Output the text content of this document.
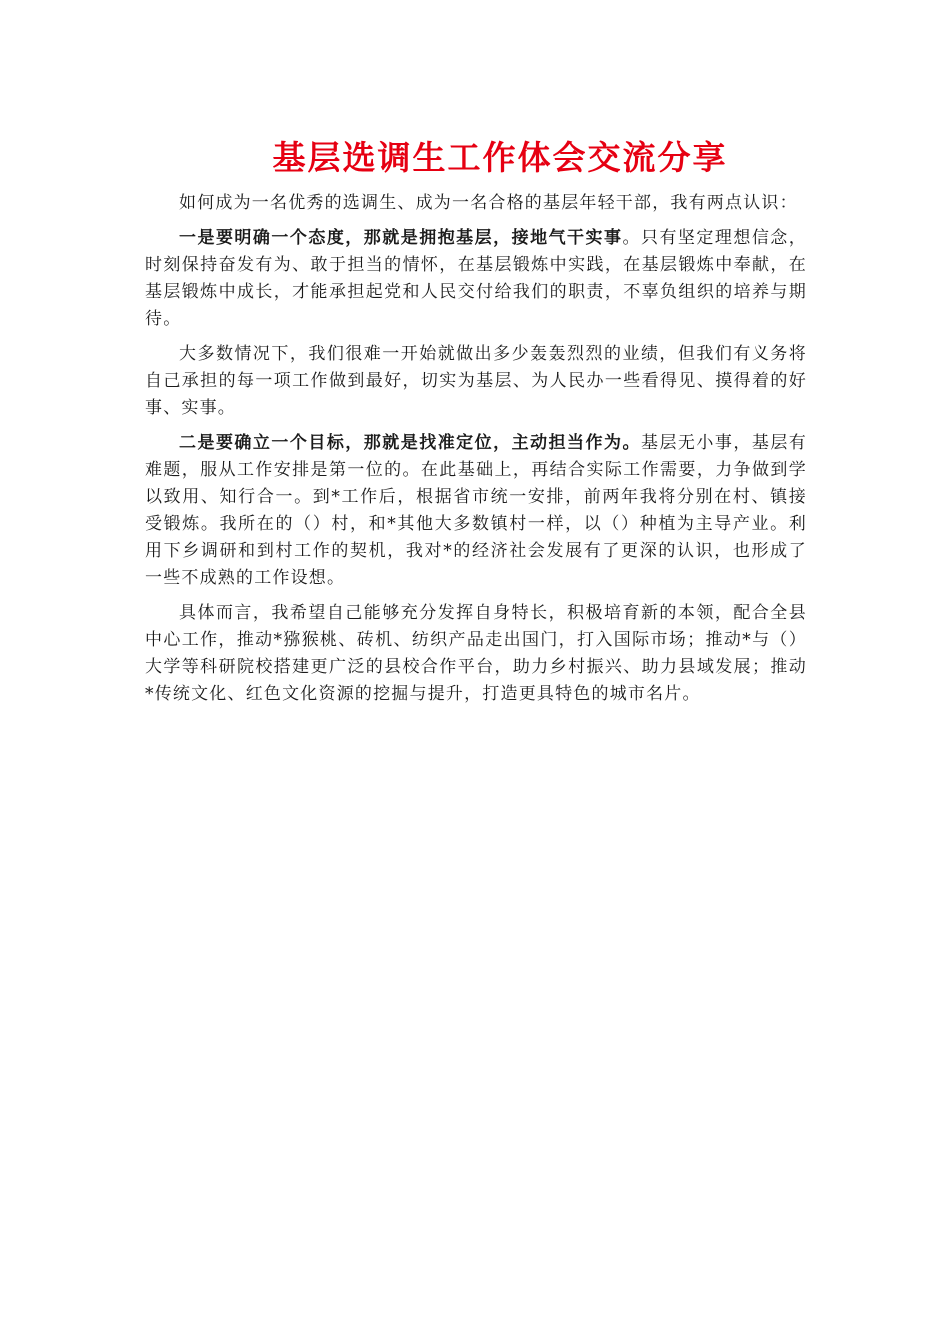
基层选调生工作体会交流分享

如何成为一名优秀的选调生、成为一名合格的基层年轻干部，我有两点认识：

一是要明确一个态度，那就是拥抱基层，接地气干实事。只有坚定理想信念，时刻保持奋发有为、敢于担当的情怀，在基层锻炼中实践，在基层锻炼中奉献，在基层锻炼中成长，才能承担起党和人民交付给我们的职责，不辜负组织的培养与期待。

大多数情况下，我们很难一开始就做出多少轰轰烈烈的业绩，但我们有义务将自己承担的每一项工作做到最好，切实为基层、为人民办一些看得见、摸得着的好事、实事。

二是要确立一个目标，那就是找准定位，主动担当作为。基层无小事，基层有难题，服从工作安排是第一位的。在此基础上，再结合实际工作需要，力争做到学以致用、知行合一。到*工作后，根据省市统一安排，前两年我将分别在村、镇接受锻炼。我所在的（）村，和*其他大多数镇村一样，以（）种植为主导产业。利用下乡调研和到村工作的契机，我对*的经济社会发展有了更深的认识，也形成了一些不成熟的工作设想。

具体而言，我希望自己能够充分发挥自身特长，积极培育新的本领，配合全县中心工作，推动*猕猴桃、砖机、纺织产品走出国门，打入国际市场；推动*与（）大学等科研院校搭建更广泛的县校合作平台，助力乡村振兴、助力县域发展；推动*传统文化、红色文化资源的挖掘与提升，打造更具特色的城市名片。
